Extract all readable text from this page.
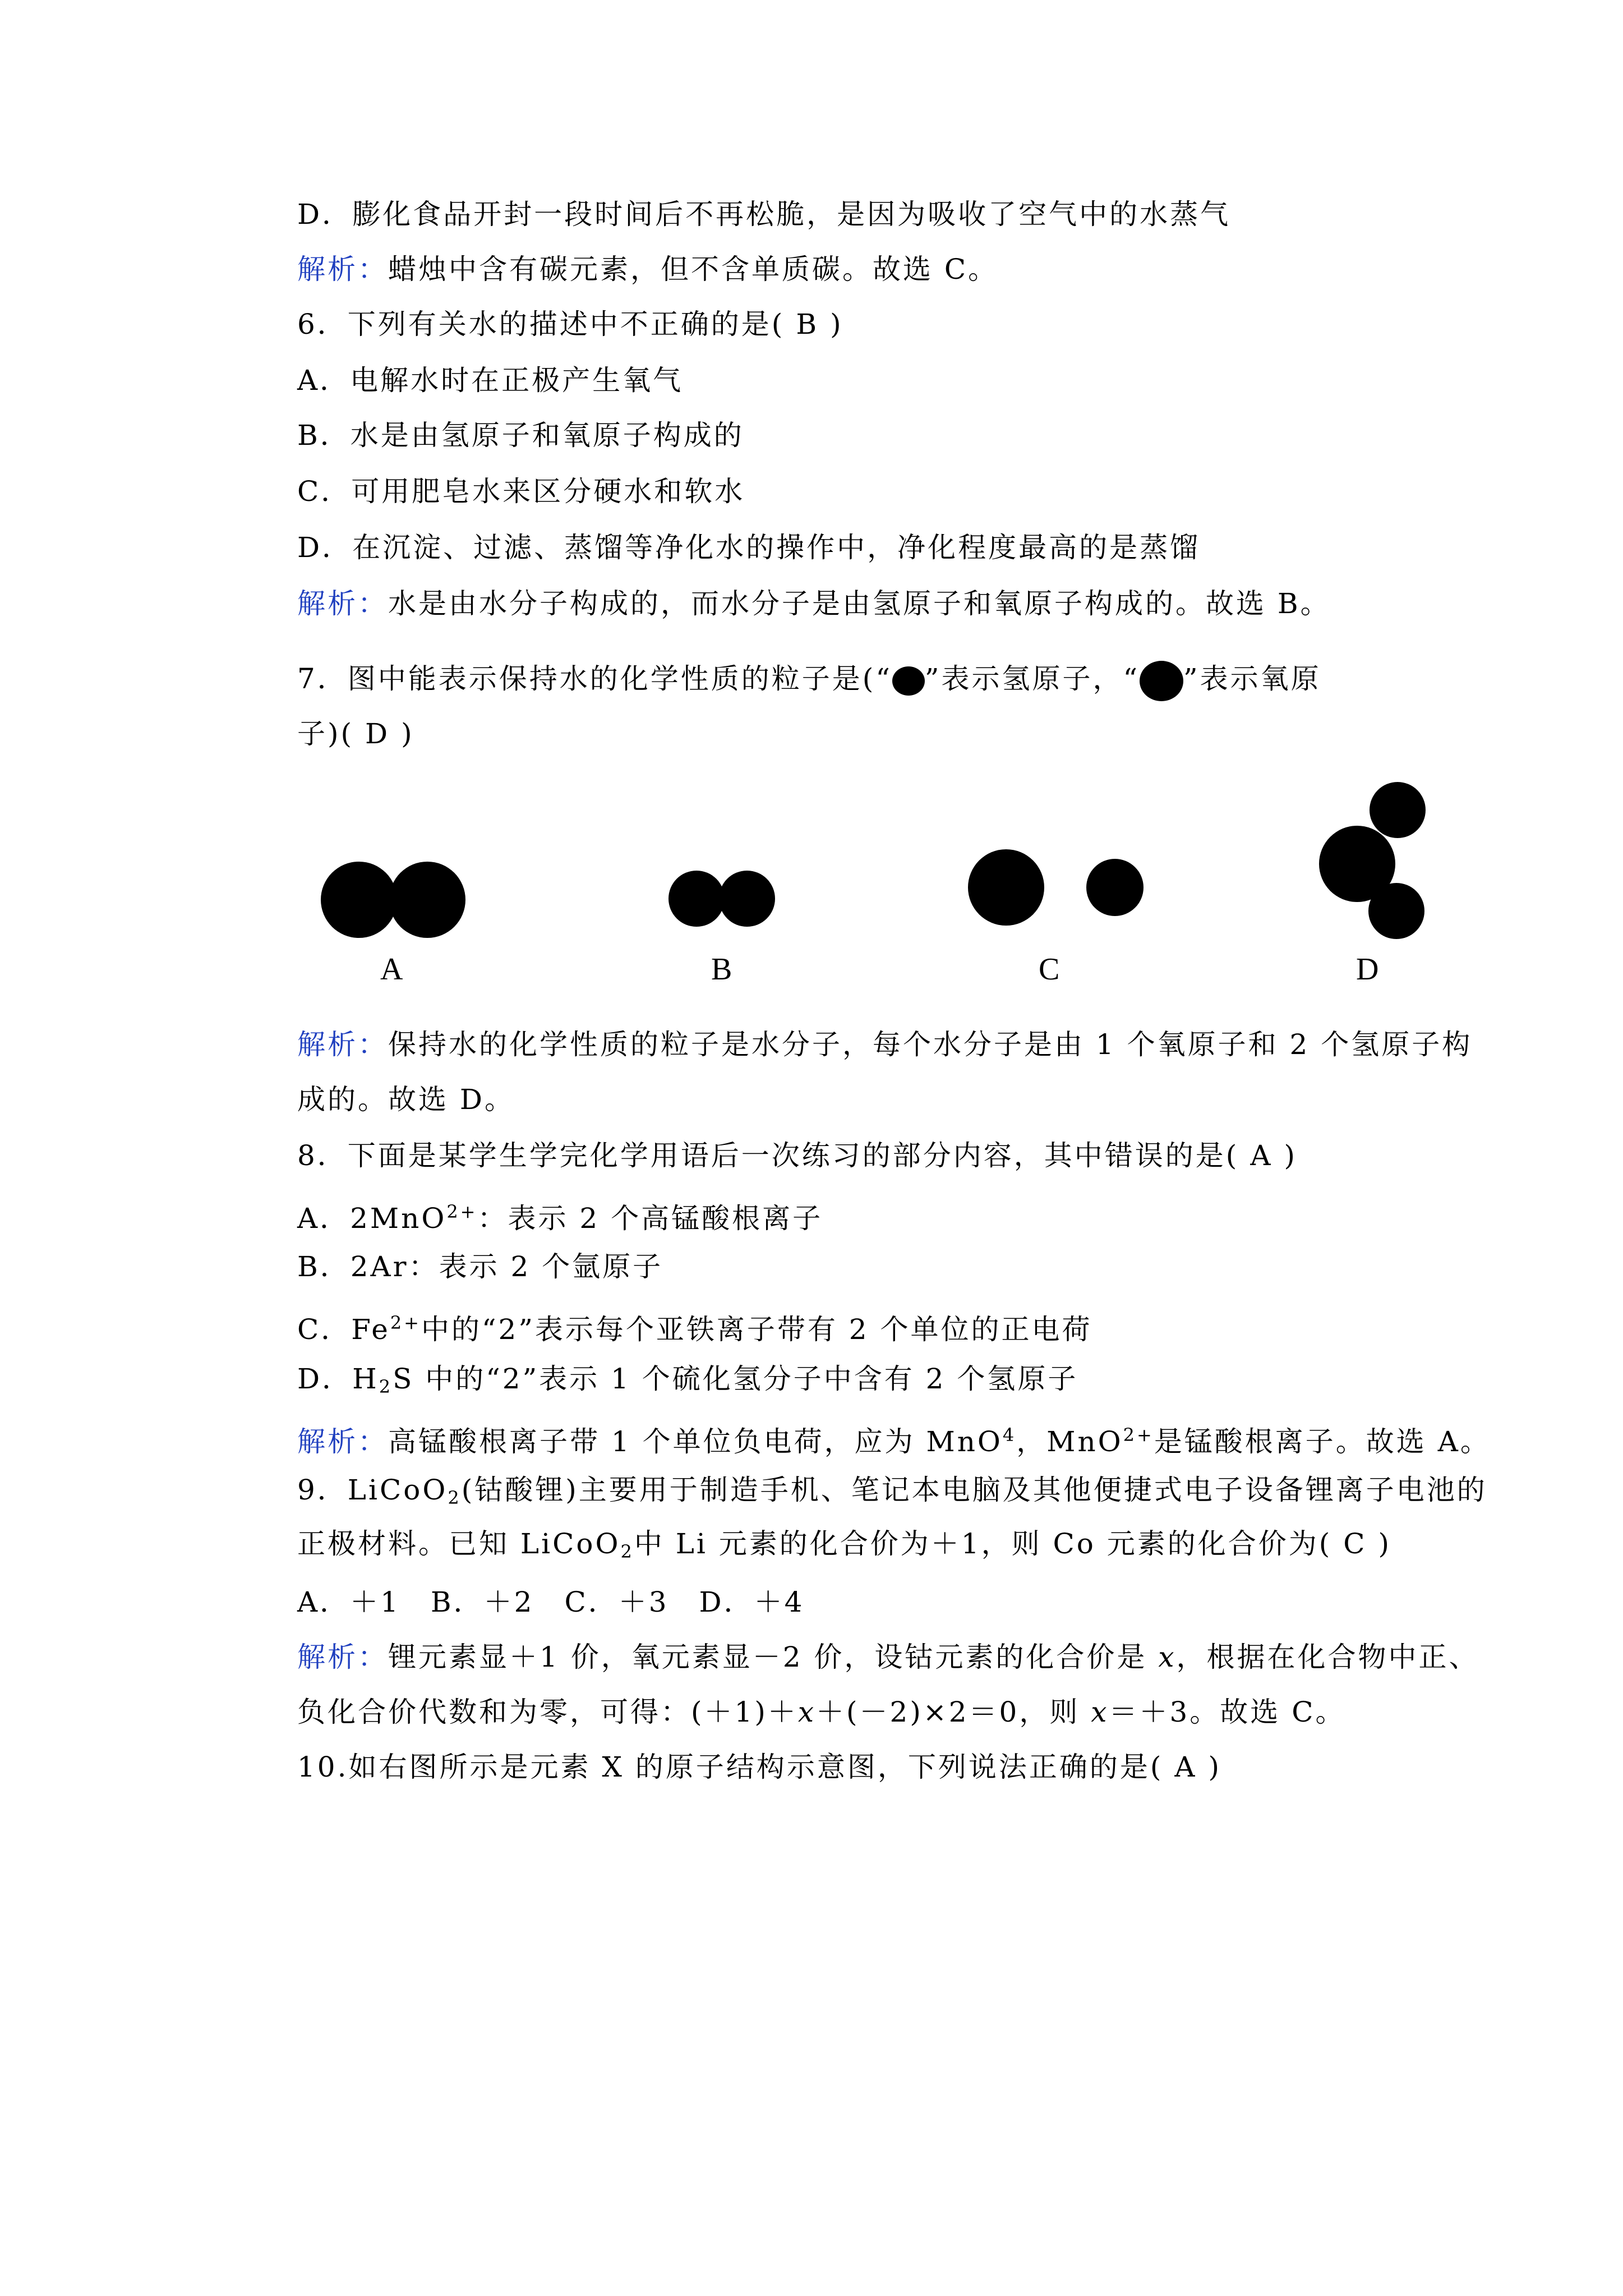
D．膨化食品开封一段时间后不再松脆，是因为吸收了空气中的水蒸气
解析：蜡烛中含有碳元素，但不含单质碳。故选 C。
6．下列有关水的描述中不正确的是( B )
A．电解水时在正极产生氧气
B．水是由氢原子和氧原子构成的
C．可用肥皂水来区分硬水和软水
D．在沉淀、过滤、蒸馏等净化水的操作中，净化程度最高的是蒸馏
解析：水是由水分子构成的，而水分子是由氢原子和氧原子构成的。故选 B。
7．图中能表示保持水的化学性质的粒子是(“ ”表示氢原子，“ ”表示氧原
子)( D )
A	B	C	D
解析：保持水的化学性质的粒子是水分子，每个水分子是由 1 个氧原子和 2 个氢原子构
成的。故选 D。
8．下面是某学生学完化学用语后一次练习的部分内容，其中错误的是( A )
A．2MnO$^{2+}$：表示 2 个高锰酸根离子
B．2Ar：表示 2 个氩原子
C．$Fe^{2+}$中的“2”表示每个亚铁离子带有 2 个单位的正电荷
D．$H_2S$ 中的“2”表示 1 个硫化氢分子中含有 2 个氢原子
解析：高锰酸根离子带 1 个单位负电荷，应为 MnO$^4$，MnO$^{2+}$是锰酸根离子。故选 A。
9．LiCoO$_2$(钴酸锂)主要用于制造手机、笔记本电脑及其他便捷式电子设备锂离子电池的
正极材料。已知 LiCoO$_2$中 Li 元素的化合价为＋1，则 Co 元素的化合价为( C )
A．＋1　B．＋2　C．＋3　D．＋4
解析：锂元素显＋1 价，氧元素显－2 价，设钴元素的化合价是 x，根据在化合物中正、
负化合价代数和为零，可得：(＋1)＋x＋(－2)×2＝0，则 x＝＋3。故选 C。
10.如右图所示是元素 X 的原子结构示意图，下列说法正确的是( A )
